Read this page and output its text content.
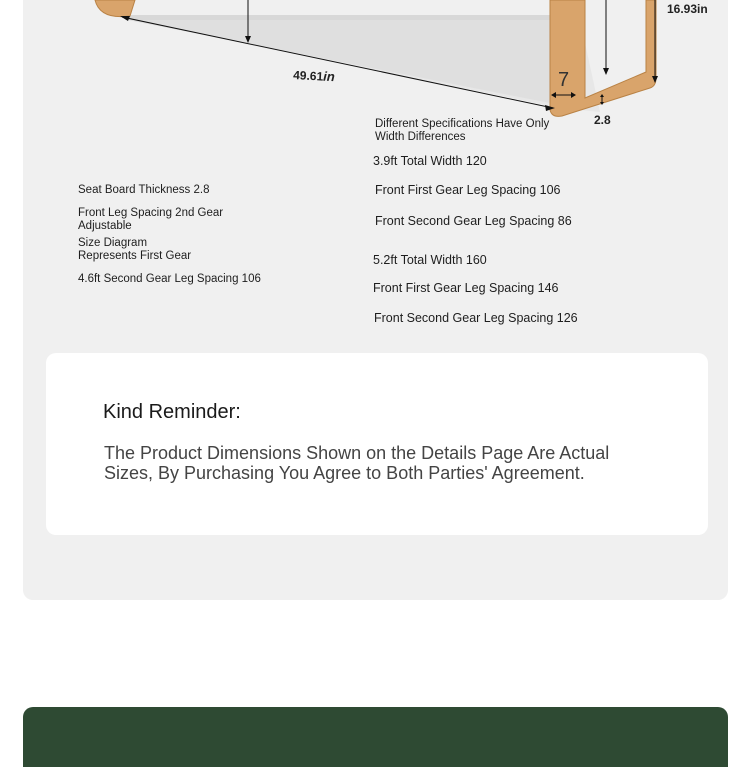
16.93in
49.61in	7
2.8
Seat Board Thickness 2.8
Front Leg Spacing 2nd Gear
Adjustable
Size Diagram
Represents First Gear
4.6ft Second Gear Leg Spacing 106
Different Specifications Have Only
Width Differences
3.9ft Total Width 120
Front First Gear Leg Spacing 106
Front Second Gear Leg Spacing 86
5.2ft Total Width 160
Front First Gear Leg Spacing 146
Front Second Gear Leg Spacing 126
Kind Reminder:
The Product Dimensions Shown on the Details Page Are Actual
Sizes, By Purchasing You Agree to Both Parties' Agreement.
